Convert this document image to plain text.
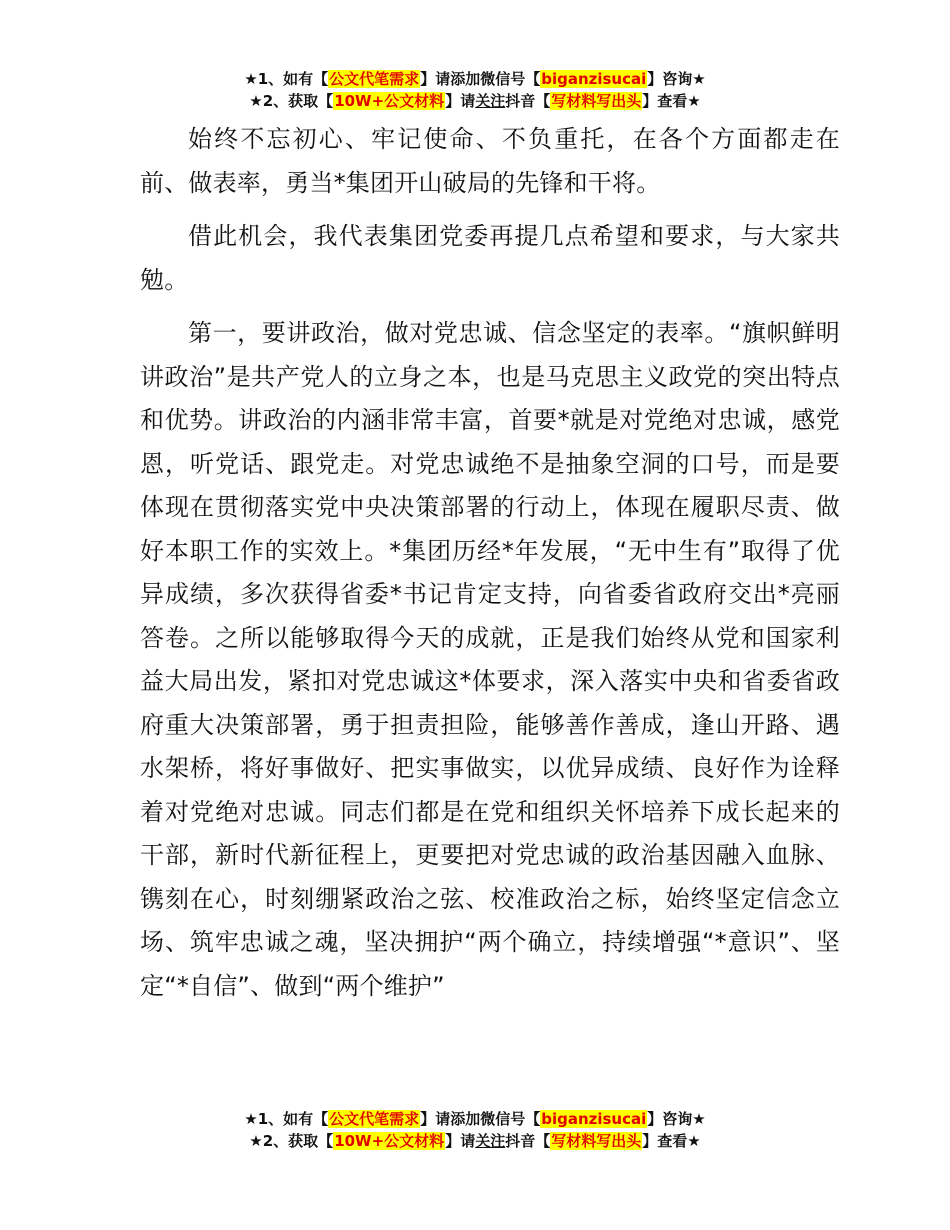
★1、如有【公文代笔需求】请添加微信号【biganzisucai】咨询★
★2、获取【10W+公文材料】请关注抖音【写材料写出头】查看★

始终不忘初心、牢记使命、不负重托，在各个方面都走在前、做表率，勇当*集团开山破局的先锋和干将。

借此机会，我代表集团党委再提几点希望和要求，与大家共勉。

第一，要讲政治，做对党忠诚、信念坚定的表率。“旗帜鲜明讲政治”是共产党人的立身之本，也是马克思主义政党的突出特点和优势。讲政治的内涵非常丰富，首要*就是对党绝对忠诚，感党恩，听党话、跟党走。对党忠诚绝不是抽象空洞的口号，而是要体现在贯彻落实党中央决策部署的行动上，体现在履职尽责、做好本职工作的实效上。*集团历经*年发展，“无中生有”取得了优异成绩，多次获得省委*书记肯定支持，向省委省政府交出*亮丽答卷。之所以能够取得今天的成就，正是我们始终从党和国家利益大局出发，紧扣对党忠诚这*体要求，深入落实中央和省委省政府重大决策部署，勇于担责担险，能够善作善成，逢山开路、遇水架桥，将好事做好、把实事做实，以优异成绩、良好作为诠释着对党绝对忠诚。同志们都是在党和组织关怀培养下成长起来的干部，新时代新征程上，更要把对党忠诚的政治基因融入血脉、镌刻在心，时刻绷紧政治之弦、校准政治之标，始终坚定信念立场、筑牢忠诚之魂，坚决拥护“两个确立，持续增强“*意识”、坚定“*自信”、做到“两个维护”

★1、如有【公文代笔需求】请添加微信号【biganzisucai】咨询★
★2、获取【10W+公文材料】请关注抖音【写材料写出头】查看★
